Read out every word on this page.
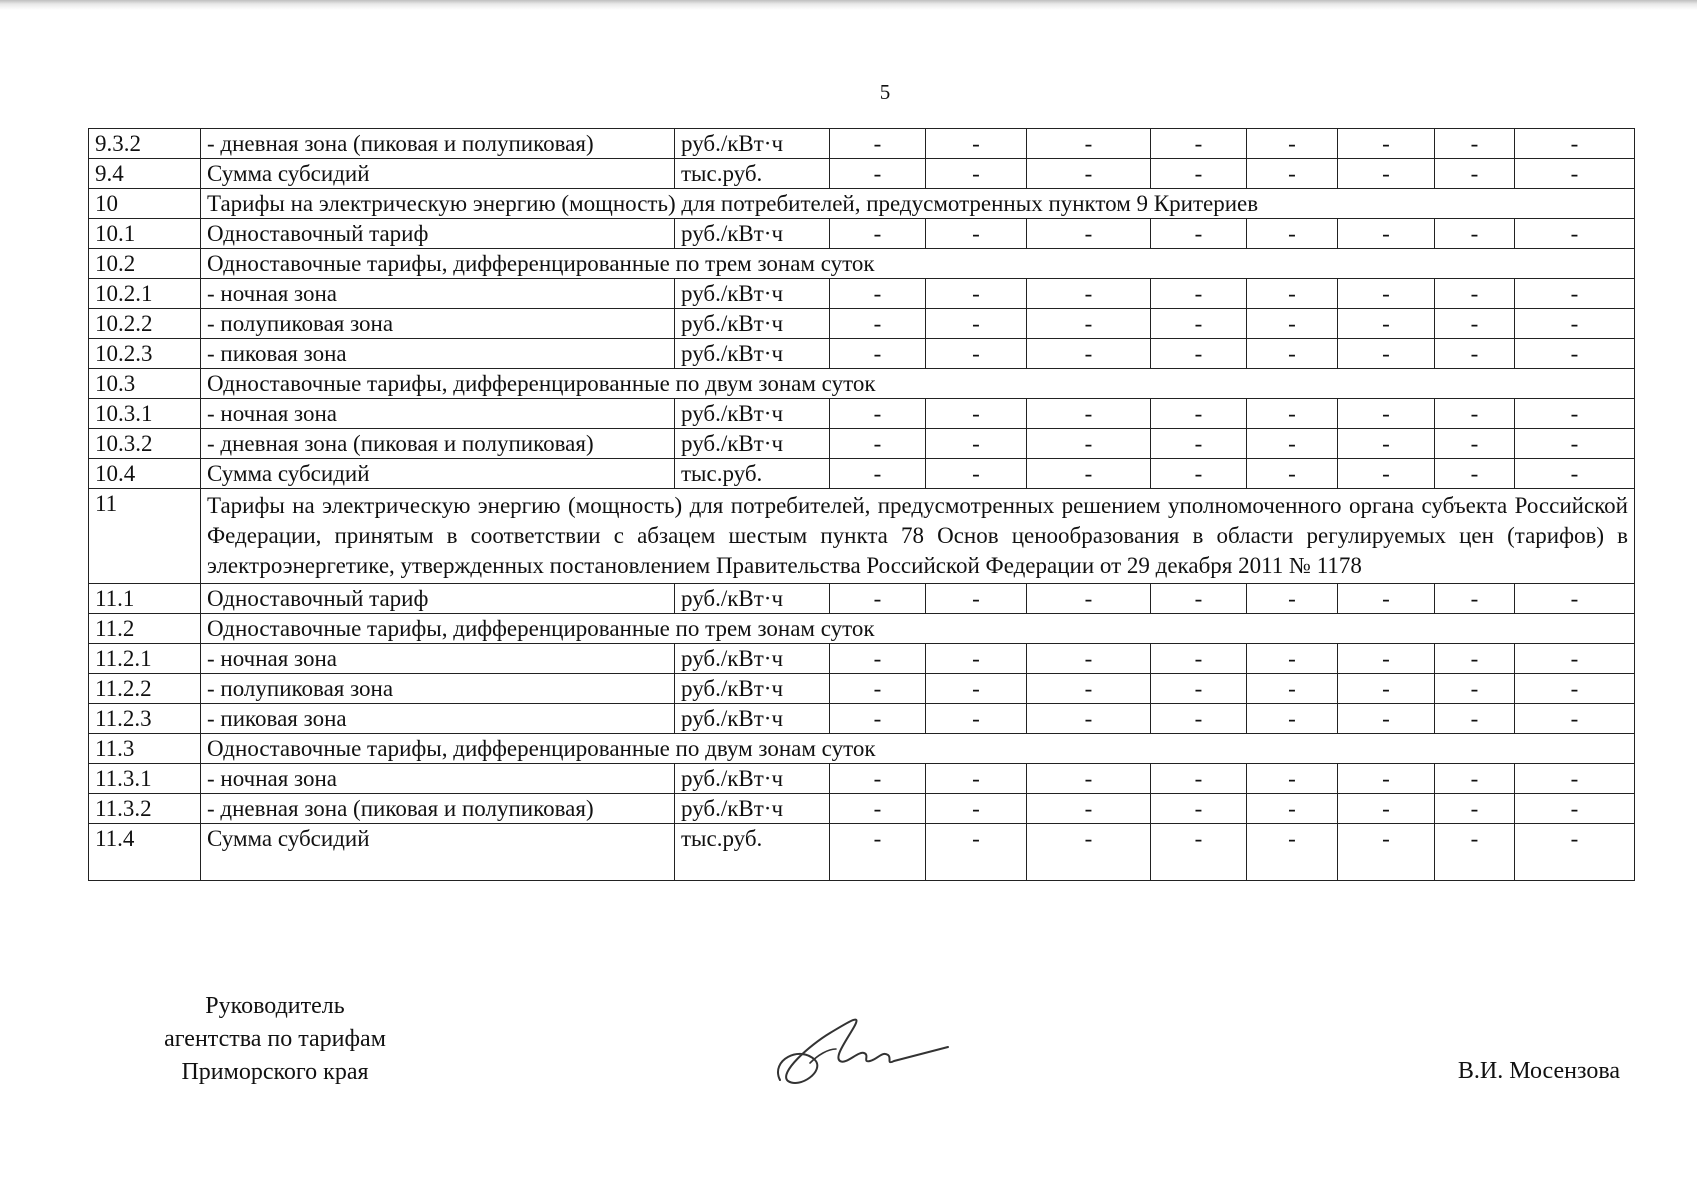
5
9.3.2	- дневная зона (пиковая и полупиковая)	руб./кВт·ч	-	-	-	-	-	-	-	-
9.4	Сумма субсидий	тыс.руб.	-	-	-	-	-	-	-	-
10	Тарифы на электрическую энергию (мощность) для потребителей, предусмотренных пунктом 9 Критериев									
10.1	Одноставочный тариф	руб./кВт·ч	-	-	-	-	-	-	-	-
10.2	Одноставочные тарифы, дифференцированные по трем зонам суток									
10.2.1	- ночная зона	руб./кВт·ч	-	-	-	-	-	-	-	-
10.2.2	- полупиковая зона	руб./кВт·ч	-	-	-	-	-	-	-	-
10.2.3	- пиковая зона	руб./кВт·ч	-	-	-	-	-	-	-	-
10.3	Одноставочные тарифы, дифференцированные по двум зонам суток									
10.3.1	- ночная зона	руб./кВт·ч	-	-	-	-	-	-	-	-
10.3.2	- дневная зона (пиковая и полупиковая)	руб./кВт·ч	-	-	-	-	-	-	-	-
10.4	Сумма субсидий	тыс.руб.	-	-	-	-	-	-	-	-
11	Тарифы на электрическую энергию (мощность) для потребителей, предусмотренных решением уполномоченного органа субъекта Российской Федерации, принятым в соответствии с абзацем шестым пункта 78 Основ ценообразования в области регулируемых цен (тарифов) в электроэнергетике, утвержденных постановлением Правительства Российской Федерации от 29 декабря 2011 № 1178									
11.1	Одноставочный тариф	руб./кВт·ч	-	-	-	-	-	-	-	-
11.2	Одноставочные тарифы, дифференцированные по трем зонам суток									
11.2.1	- ночная зона	руб./кВт·ч	-	-	-	-	-	-	-	-
11.2.2	- полупиковая зона	руб./кВт·ч	-	-	-	-	-	-	-	-
11.2.3	- пиковая зона	руб./кВт·ч	-	-	-	-	-	-	-	-
11.3	Одноставочные тарифы, дифференцированные по двум зонам суток									
11.3.1	- ночная зона	руб./кВт·ч	-	-	-	-	-	-	-	-
11.3.2	- дневная зона (пиковая и полупиковая)	руб./кВт·ч	-	-	-	-	-	-	-	-
11.4	Сумма субсидий	тыс.руб.	-	-	-	-	-	-	-	-
Руководитель
агентства по тарифам
Приморского края	В.И. Мосензова
